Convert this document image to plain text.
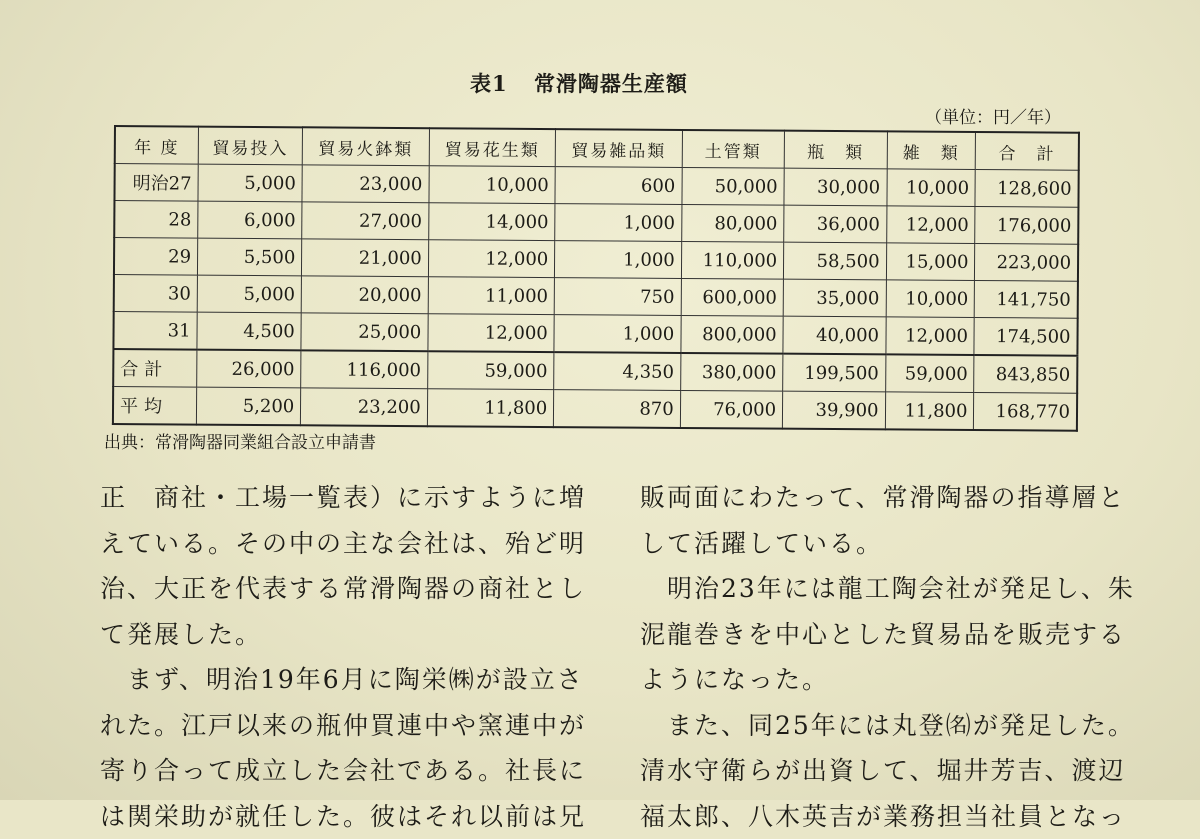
表1 常滑陶器生産額
（単位：円／年）
年 度	貿易投入	貿易火鉢類	貿易花生類	貿易雑品類	土管類	瓶　類	雑　類	合　計
明治27	5,000	23,000	10,000	600	50,000	30,000	10,000	128,600
28	6,000	27,000	14,000	1,000	80,000	36,000	12,000	176,000
29	5,500	21,000	12,000	1,000	110,000	58,500	15,000	223,000
30	5,000	20,000	11,000	750	600,000	35,000	10,000	141,750
31	4,500	25,000	12,000	1,000	800,000	40,000	12,000	174,500
合計	26,000	116,000	59,000	4,350	380,000	199,500	59,000	843,850
平均	5,200	23,200	11,800	870	76,000	39,900	11,800	168,770
出典：常滑陶器同業組合設立申請書

正　商社・工場一覧表）に示すように増

えている。その中の主な会社は、殆ど明

治、大正を代表する常滑陶器の商社とし

て発展した。

　まず、明治19年6月に陶栄㈱が設立さ

れた。江戸以来の瓶仲買連中や窯連中が

寄り合って成立した会社である。社長に

は関栄助が就任した。彼はそれ以前は兄

販両面にわたって、常滑陶器の指導層と

して活躍している。

　明治23年には龍工陶会社が発足し、朱

泥龍巻きを中心とした貿易品を販売する

ようになった。

　また、同25年には丸登㈴が発足した。

清水守衛らが出資して、堀井芳吉、渡辺

福太郎、八木英吉が業務担当社員となっ
